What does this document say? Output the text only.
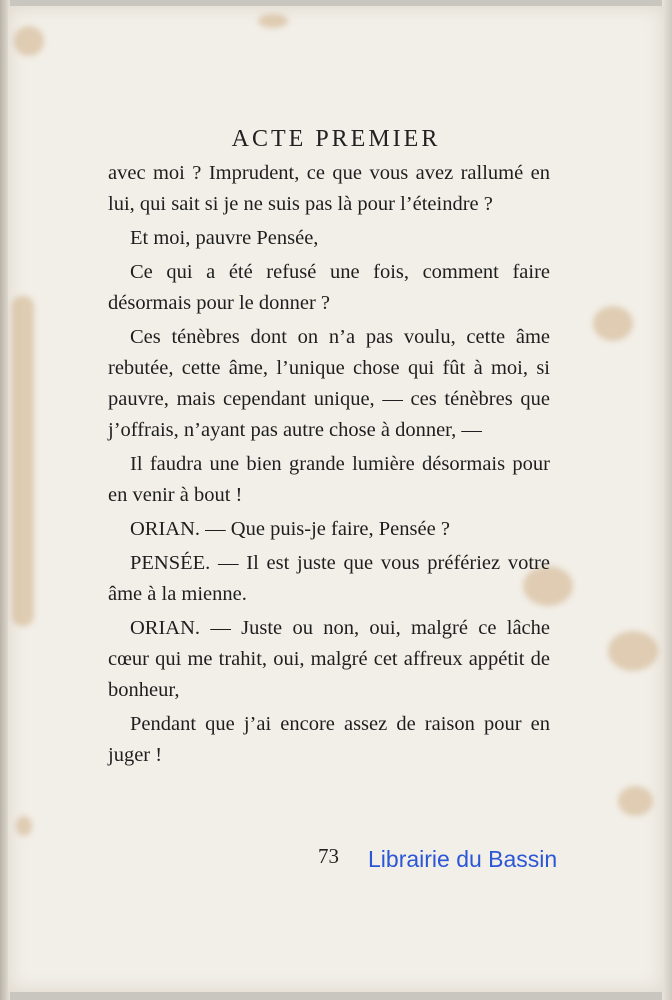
ACTE PREMIER

avec moi ? Imprudent, ce que vous avez rallumé en lui, qui sait si je ne suis pas là pour l’éteindre ?

Et moi, pauvre Pensée,

Ce qui a été refusé une fois, comment faire désormais pour le donner ?

Ces ténèbres dont on n’a pas voulu, cette âme rebutée, cette âme, l’unique chose qui fût à moi, si pauvre, mais cependant unique, — ces ténèbres que j’offrais, n’ayant pas autre chose à donner, —

Il faudra une bien grande lumière désormais pour en venir à bout !

ORIAN. — Que puis-je faire, Pensée ?

PENSÉE. — Il est juste que vous préfériez votre âme à la mienne.

ORIAN. — Juste ou non, oui, malgré ce lâche cœur qui me trahit, oui, malgré cet affreux appétit de bonheur,

Pendant que j’ai encore assez de raison pour en juger !

73 Librairie du Bassin
